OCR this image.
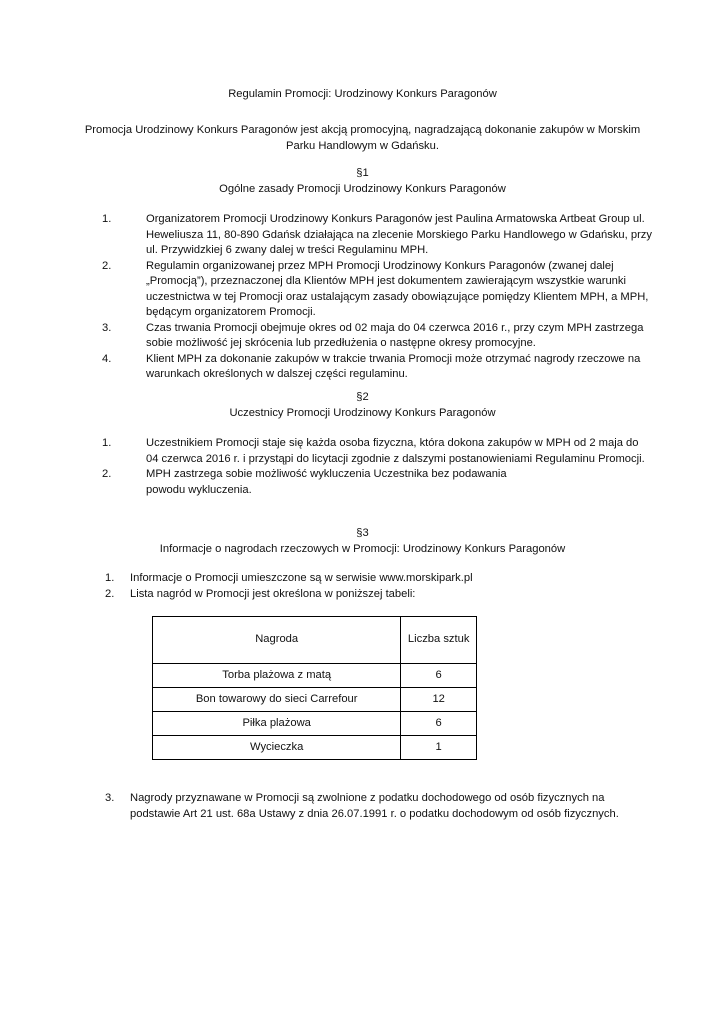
Regulamin Promocji: Urodzinowy Konkurs Paragonów
Promocja Urodzinowy Konkurs Paragonów jest akcją promocyjną, nagradzającą dokonanie zakupów w Morskim Parku Handlowym w Gdańsku.
§1
Ogólne zasady Promocji Urodzinowy Konkurs Paragonów
1.	Organizatorem Promocji Urodzinowy Konkurs Paragonów jest Paulina Armatowska Artbeat Group ul. Heweliusza 11, 80-890 Gdańsk działająca na zlecenie Morskiego Parku Handlowego w Gdańsku, przy ul. Przywidzkiej 6 zwany dalej w treści Regulaminu MPH.
2.	Regulamin organizowanej przez MPH Promocji Urodzinowy Konkurs Paragonów (zwanej dalej „Promocją”), przeznaczonej dla Klientów MPH jest dokumentem zawierającym wszystkie warunki uczestnictwa w tej Promocji oraz ustalającym zasady obowiązujące pomiędzy Klientem MPH, a MPH, będącym organizatorem Promocji.
3.	Czas trwania Promocji obejmuje okres od 02 maja do 04 czerwca 2016 r., przy czym MPH zastrzega sobie możliwość jej skrócenia lub przedłużenia o następne okresy promocyjne.
4.	Klient MPH za dokonanie zakupów w trakcie trwania Promocji może otrzymać nagrody rzeczowe na warunkach określonych w dalszej części regulaminu.
§2
Uczestnicy Promocji Urodzinowy Konkurs Paragonów
1.	Uczestnikiem Promocji staje się każda osoba fizyczna, która dokona zakupów w MPH od 2 maja do 04 czerwca 2016 r. i przystąpi do licytacji zgodnie z dalszymi postanowieniami Regulaminu Promocji.
2.	MPH zastrzega sobie możliwość wykluczenia Uczestnika bez podawania powodu wykluczenia.
§3
Informacje o nagrodach rzeczowych w Promocji: Urodzinowy Konkurs Paragonów
1. Informacje o Promocji umieszczone są w serwisie www.morskipark.pl
2. Lista nagród w Promocji jest określona w poniższej tabeli:
Nagroda	Liczba sztuk
Torba plażowa z matą	6
Bon towarowy do sieci Carrefour	12
Piłka plażowa	6
Wycieczka	1
3. Nagrody przyznawane w Promocji są zwolnione z podatku dochodowego od osób fizycznych na podstawie Art 21 ust. 68a Ustawy z dnia 26.07.1991 r. o podatku dochodowym od osób fizycznych.
